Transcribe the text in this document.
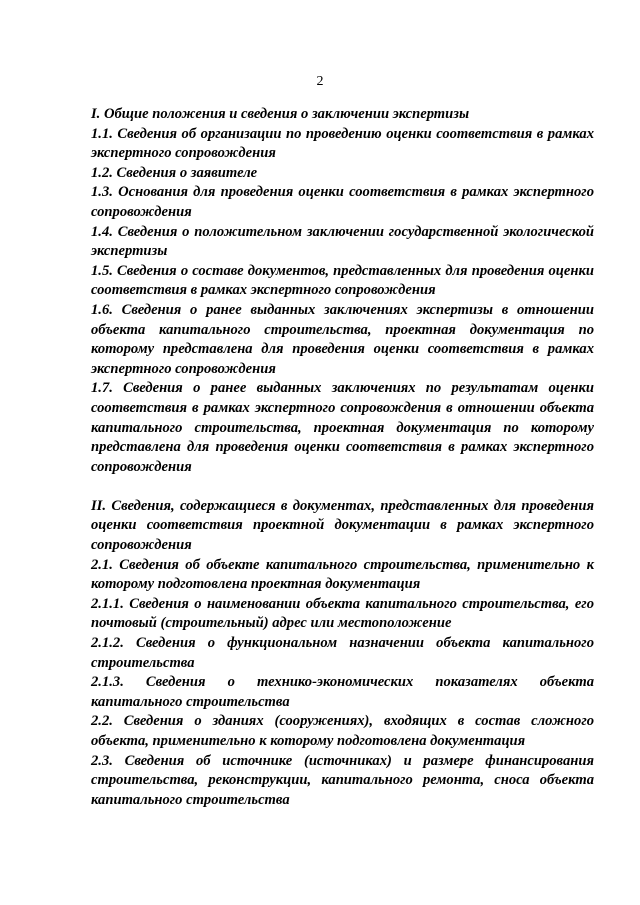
2

I. Общие положения и сведения о заключении экспертизы

1.1. Сведения об организации по проведению оценки соответствия в рамках экспертного сопровождения

1.2. Сведения о заявителе

1.3. Основания для проведения оценки соответствия в рамках экспертного сопровождения

1.4. Сведения о положительном заключении государственной экологической экспертизы

1.5. Сведения о составе документов, представленных для проведения оценки соответствия в рамках экспертного сопровождения

1.6. Сведения о ранее выданных заключениях экспертизы в отношении объекта капитального строительства, проектная документация по которому представлена для проведения оценки соответствия в рамках экспертного сопровождения

1.7. Сведения о ранее выданных заключениях по результатам оценки соответствия в рамках экспертного сопровождения в отношении объекта капитального строительства, проектная документация по которому представлена для проведения оценки соответствия в рамках экспертного сопровождения

II. Сведения, содержащиеся в документах, представленных для проведения оценки соответствия проектной документации в рамках экспертного сопровождения

2.1. Сведения об объекте капитального строительства, применительно к которому подготовлена проектная документация

2.1.1. Сведения о наименовании объекта капитального строительства, его почтовый (строительный) адрес или местоположение

2.1.2. Сведения о функциональном назначении объекта капитального строительства

2.1.3. Сведения о технико-экономических показателях объекта капитального строительства

2.2. Сведения о зданиях (сооружениях), входящих в состав сложного объекта, применительно к которому подготовлена документация

2.3. Сведения об источнике (источниках) и размере финансирования строительства, реконструкции, капитального ремонта, сноса объекта капитального строительства
